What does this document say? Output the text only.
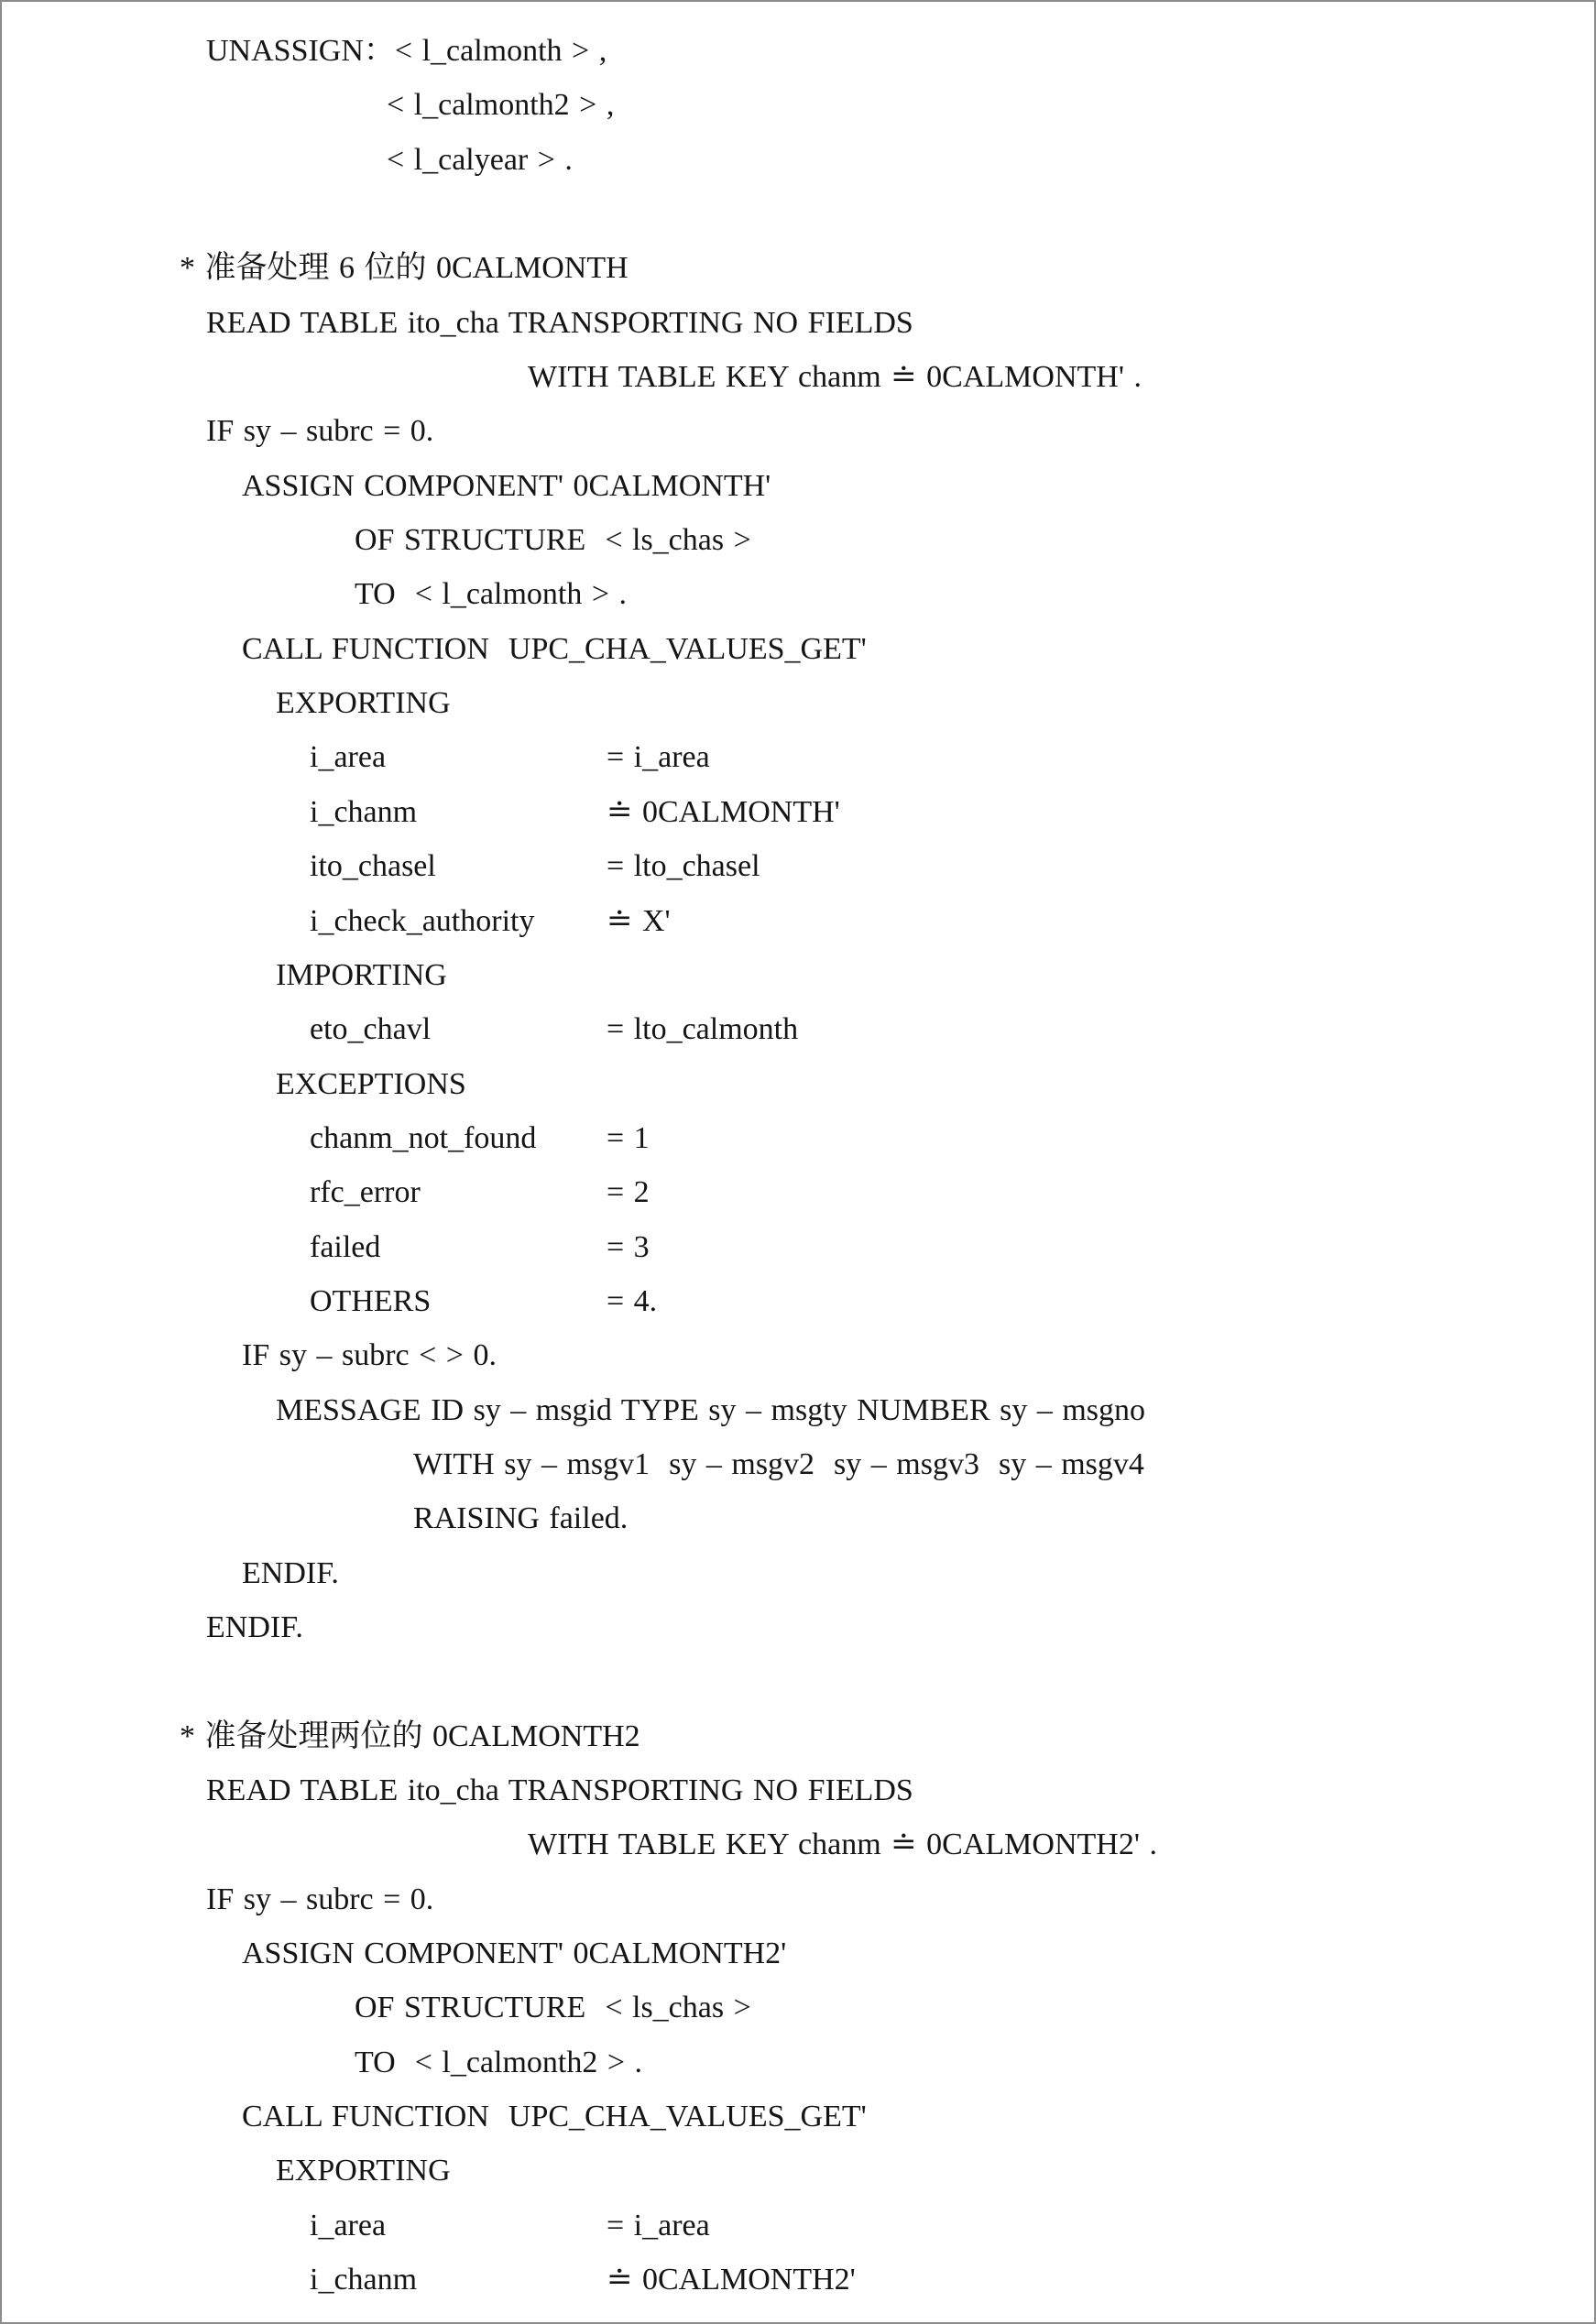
UNASSIGN：< l_calmonth > ,
< l_calmonth2 > ,
< l_calyear > .
* 准备处理 6 位的 0CALMONTH
READ TABLE ito_cha TRANSPORTING NO FIELDS
WITH TABLE KEY chanm ≐ 0CALMONTH' .
IF sy – subrc = 0.
ASSIGN COMPONENT' 0CALMONTH'
OF STRUCTURE  < ls_chas >
TO  < l_calmonth > .
CALL FUNCTION  UPC_CHA_VALUES_GET'
EXPORTING
i_area	= i_area
i_chanm	≐ 0CALMONTH'
ito_chasel	= lto_chasel
i_check_authority ≐ X'
IMPORTING
eto_chavl	= lto_calmonth
EXCEPTIONS
chanm_not_found = 1
rfc_error	= 2
failed	= 3
OTHERS	= 4.
IF sy – subrc < > 0.
MESSAGE ID sy – msgid TYPE sy – msgty NUMBER sy – msgno
WITH sy – msgv1  sy – msgv2  sy – msgv3  sy – msgv4
RAISING failed.
ENDIF.
ENDIF.
* 准备处理两位的 0CALMONTH2
READ TABLE ito_cha TRANSPORTING NO FIELDS
WITH TABLE KEY chanm ≐ 0CALMONTH2' .
IF sy – subrc = 0.
ASSIGN COMPONENT' 0CALMONTH2'
OF STRUCTURE  < ls_chas >
TO  < l_calmonth2 > .
CALL FUNCTION  UPC_CHA_VALUES_GET'
EXPORTING
i_area	= i_area
i_chanm	≐ 0CALMONTH2'
